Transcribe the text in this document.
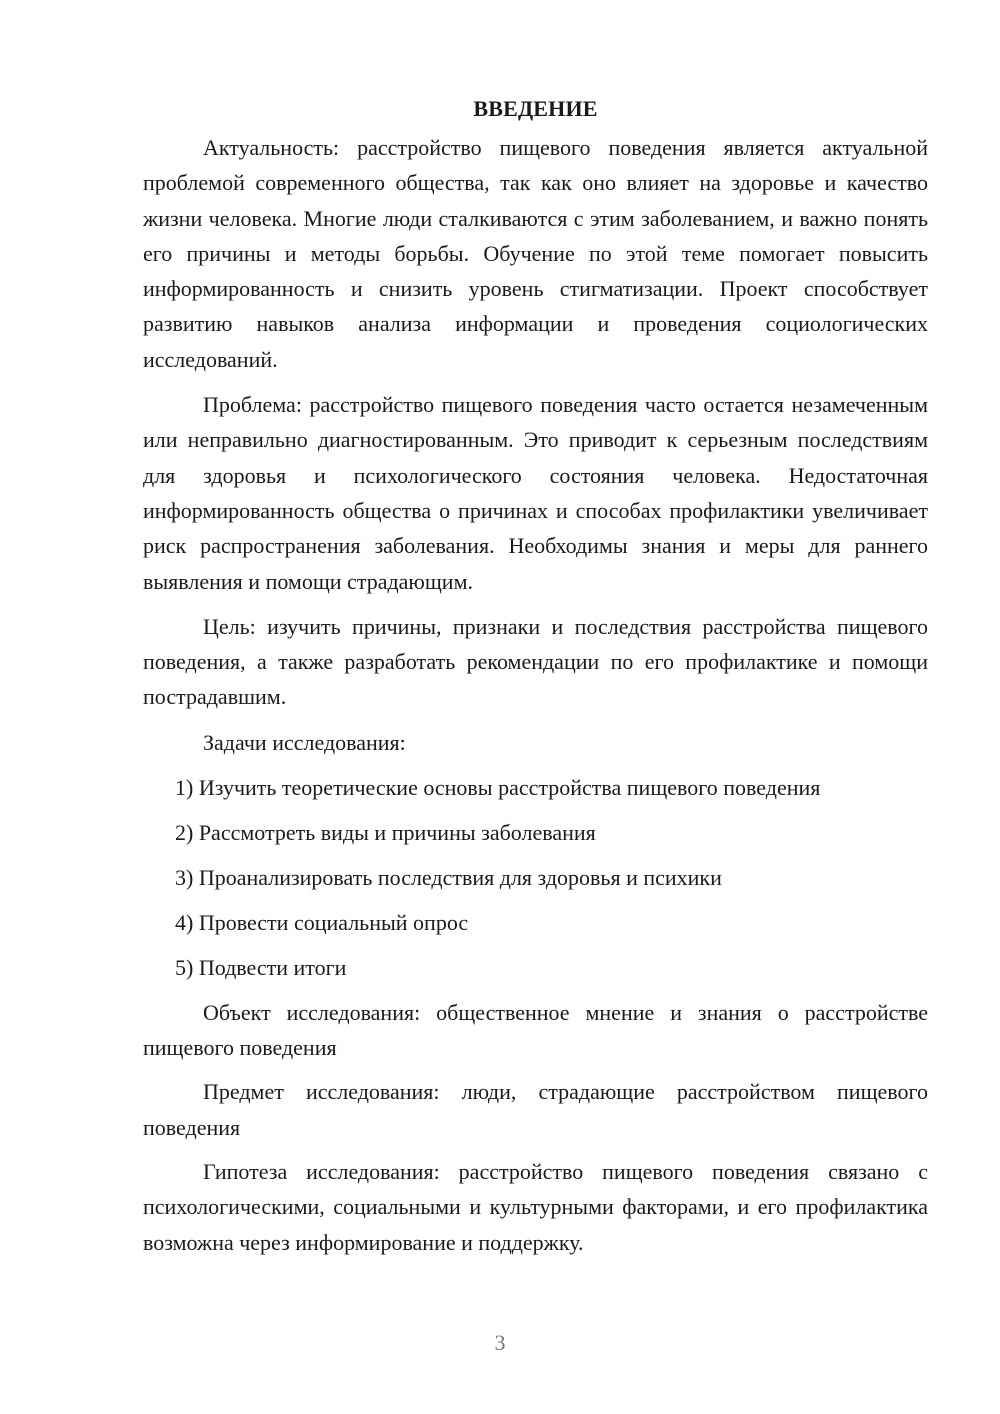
ВВЕДЕНИЕ

Актуальность: расстройство пищевого поведения является актуальной проблемой современного общества, так как оно влияет на здоровье и качество жизни человека. Многие люди сталкиваются с этим заболеванием, и важно понять его причины и методы борьбы. Обучение по этой теме помогает повысить информированность и снизить уровень стигматизации. Проект способствует развитию навыков анализа информации и проведения социологических исследований.

Проблема: расстройство пищевого поведения часто остается незамеченным или неправильно диагностированным. Это приводит к серьезным последствиям для здоровья и психологического состояния человека. Недостаточная информированность общества о причинах и способах профилактики увеличивает риск распространения заболевания. Необходимы знания и меры для раннего выявления и помощи страдающим.

Цель: изучить причины, признаки и последствия расстройства пищевого поведения, а также разработать рекомендации по его профилактике и помощи пострадавшим.

Задачи исследования:
1) Изучить теоретические основы расстройства пищевого поведения
2) Рассмотреть виды и причины заболевания
3) Проанализировать последствия для здоровья и психики
4) Провести социальный опрос
5) Подвести итоги

Объект исследования: общественное мнение и знания о расстройстве пищевого поведения

Предмет исследования: люди, страдающие расстройством пищевого поведения

Гипотеза исследования: расстройство пищевого поведения связано с психологическими, социальными и культурными факторами, и его профилактика возможна через информирование и поддержку.

3
